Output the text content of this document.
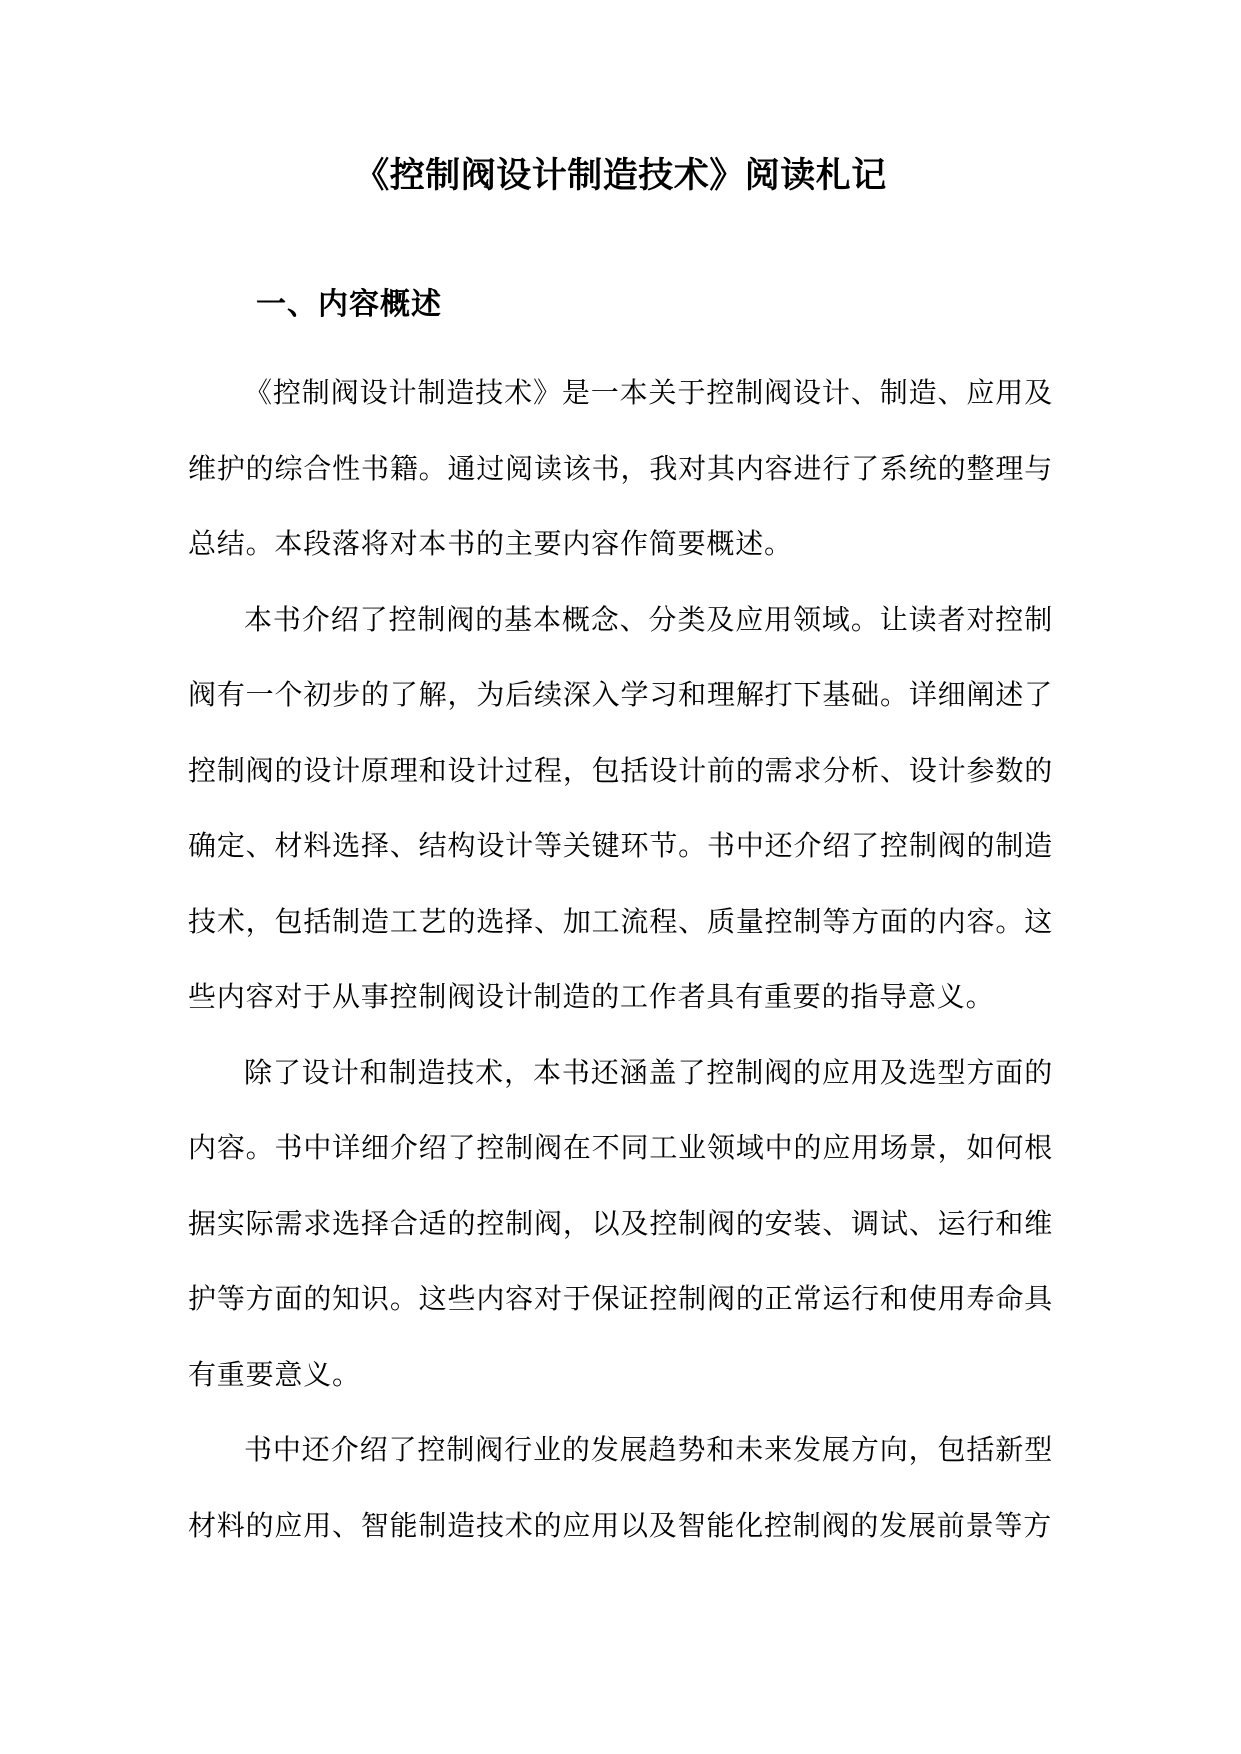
《控制阀设计制造技术》阅读札记
一、内容概述

《控制阀设计制造技术》是一本关于控制阀设计、制造、应用及维护的综合性书籍。通过阅读该书，我对其内容进行了系统的整理与总结。本段落将对本书的主要内容作简要概述。

本书介绍了控制阀的基本概念、分类及应用领域。让读者对控制阀有一个初步的了解，为后续深入学习和理解打下基础。详细阐述了控制阀的设计原理和设计过程，包括设计前的需求分析、设计参数的确定、材料选择、结构设计等关键环节。书中还介绍了控制阀的制造技术，包括制造工艺的选择、加工流程、质量控制等方面的内容。这些内容对于从事控制阀设计制造的工作者具有重要的指导意义。

除了设计和制造技术，本书还涵盖了控制阀的应用及选型方面的内容。书中详细介绍了控制阀在不同工业领域中的应用场景，如何根据实际需求选择合适的控制阀，以及控制阀的安装、调试、运行和维护等方面的知识。这些内容对于保证控制阀的正常运行和使用寿命具有重要意义。

书中还介绍了控制阀行业的发展趋势和未来发展方向，包括新型材料的应用、智能制造技术的应用以及智能化控制阀的发展前景等方
